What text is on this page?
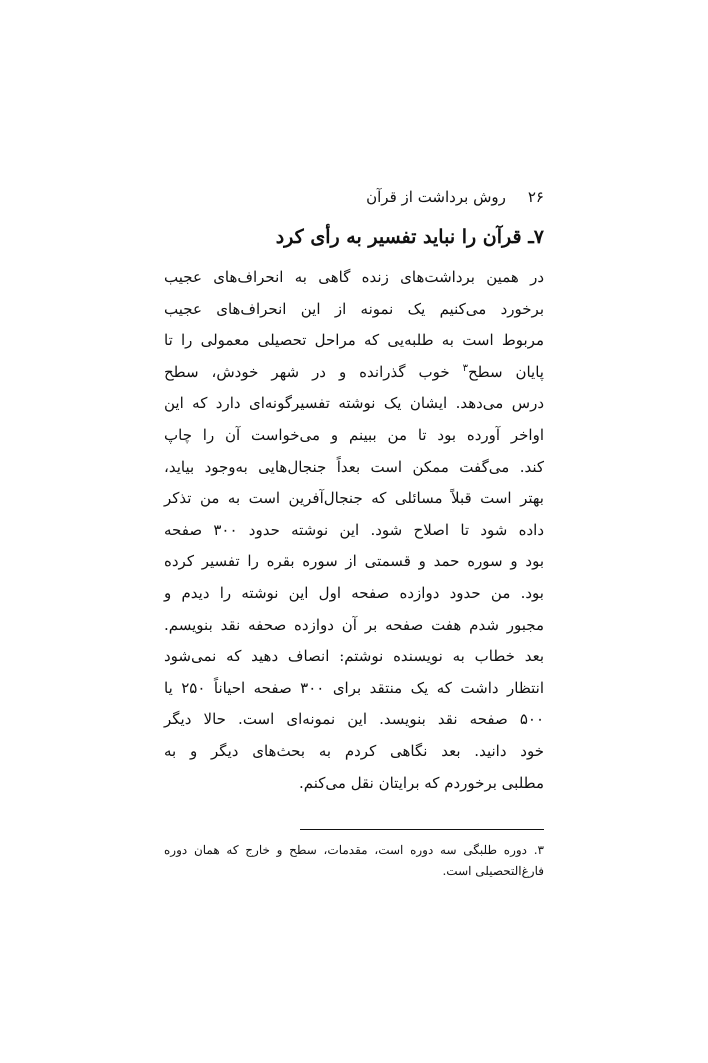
۲۶روش برداشت از قرآن
۷ـ قرآن را نباید تفسیر به رأی کرد
در همین برداشت‌های زنده گاهی به انحراف‌های عجیب
برخورد می‌کنیم یک نمونه از این انحراف‌های عجیب
مربوط است به طلبه‌یی که مراحل تحصیلی معمولی را تا
پایان سطح$^۳$ خوب گذرانده و در شهر خودش، سطح
درس می‌دهد. ایشان یک نوشته تفسیرگونه‌ای دارد که این
اواخر آورده بود تا من ببینم و می‌خواست آن را چاپ
کند. می‌گفت ممکن است بعداً جنجال‌هایی به‌وجود بیاید،
بهتر است قبلاً مسائلی که جنجال‌آفرین است به من تذکر
داده شود تا اصلاح شود. این نوشته حدود ۳۰۰ صفحه
بود و سوره حمد و قسمتی از سوره بقره را تفسیر کرده
بود. من حدود دوازده صفحه اول این نوشته را دیدم و
مجبور شدم هفت صفحه بر آن دوازده صحفه نقد بنویسم.
بعد خطاب به نویسنده نوشتم: انصاف دهید که نمی‌شود
انتظار داشت که یک منتقد برای ۳۰۰ صفحه احیاناً ۲۵۰ یا
۵۰۰ صفحه نقد بنویسد. این نمونه‌ای است. حالا دیگر
خود دانید. بعد نگاهی کردم به بحث‌های دیگر و به
مطلبی برخوردم که برایتان نقل می‌کنم.
۳. دوره طلبگی سه دوره است، مقدمات، سطح و خارج که همان دوره
فارغ‌التحصیلی است.
